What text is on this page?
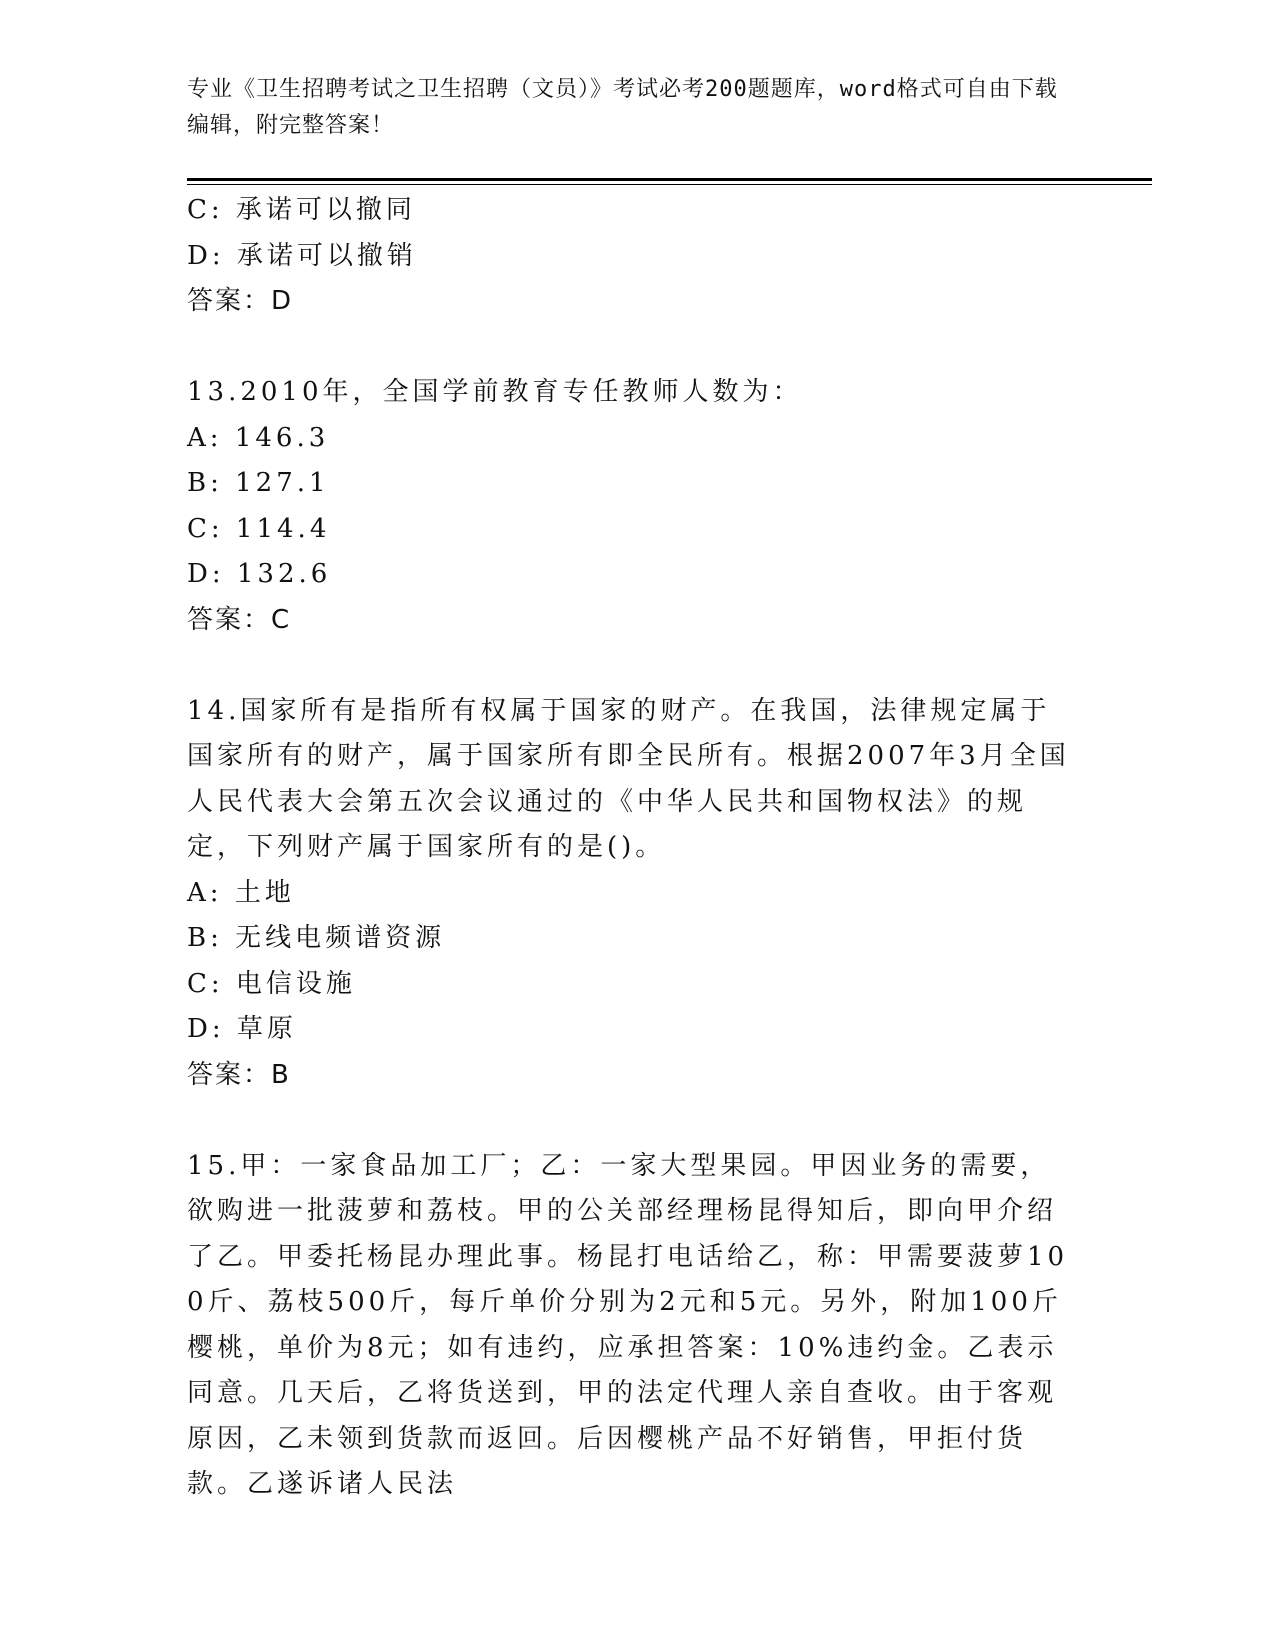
专业《卫生招聘考试之卫生招聘（文员）》考试必考200题题库，word格式可自由下载编辑，附完整答案！
C: 承诺可以撤同
D: 承诺可以撤销
答案：D
13.2010年，全国学前教育专任教师人数为：
A: 146.3
B: 127.1
C: 114.4
D: 132.6
答案：C
14.国家所有是指所有权属于国家的财产。在我国，法律规定属于国家所有的财产，属于国家所有即全民所有。根据2007年3月全国人民代表大会第五次会议通过的《中华人民共和国物权法》的规定，下列财产属于国家所有的是()。
A: 土地
B: 无线电频谱资源
C: 电信设施
D: 草原
答案：B
15.甲：一家食品加工厂；乙：一家大型果园。甲因业务的需要，欲购进一批菠萝和荔枝。甲的公关部经理杨昆得知后，即向甲介绍了乙。甲委托杨昆办理此事。杨昆打电话给乙，称：甲需要菠萝100斤、荔枝500斤，每斤单价分别为2元和5元。另外，附加100斤樱桃，单价为8元；如有违约，应承担答案：10%违约金。乙表示同意。几天后，乙将货送到，甲的法定代理人亲自查收。由于客观原因，乙未领到货款而返回。后因樱桃产品不好销售，甲拒付货款。乙遂诉诸人民法
